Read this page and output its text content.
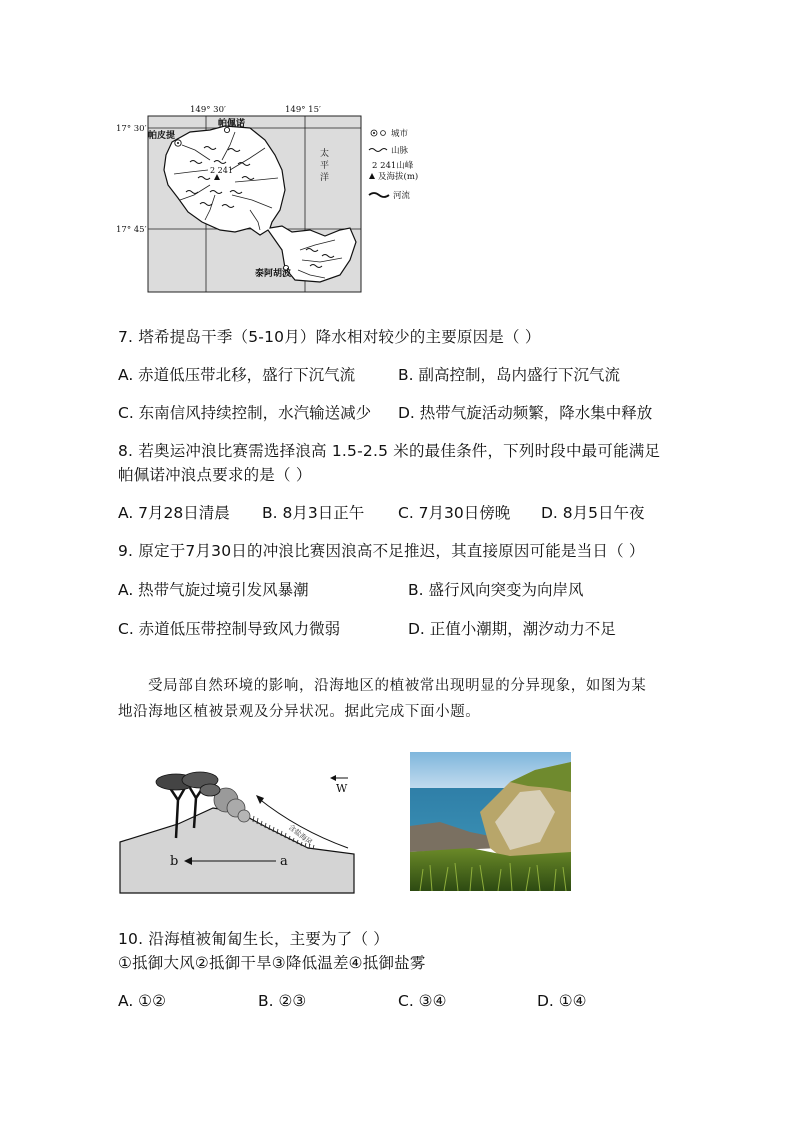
2 241
149° 30′	149° 15′
17° 30′
17° 45′
帕皮提
帕佩诺
泰阿胡波
太
平
洋
城市
山脉
2 241山峰
及海拔(m)
河流
7. 塔希提岛干季（5-10月）降水相对较少的主要原因是（ ）
A. 赤道低压带北移，盛行下沉气流	B. 副高控制，岛内盛行下沉气流
C. 东南信风持续控制，水汽输送减少 D. 热带气旋活动频繁，降水集中释放
8. 若奥运冲浪比赛需选择浪高 1.5-2.5 米的最佳条件，下列时段中最可能满足
帕佩诺冲浪点要求的是（ ）
A. 7月28日清晨 B. 8月3日正午 C. 7月30日傍晚 D. 8月5日午夜
9. 原定于7月30日的冲浪比赛因浪高不足推迟，其直接原因可能是当日（ ）
A. 热带气旋过境引发风暴潮	B. 盛行风向突变为向岸风
C. 赤道低压带控制导致风力微弱	D. 正值小潮期，潮汐动力不足
受局部自然环境的影响，沿海地区的植被常出现明显的分异现象，如图为某
地沿海地区植被景观及分异状况。据此完成下面小题。
含盐海风
W
b	a
10. 沿海植被匍匐生长，主要为了（ ）
①抵御大风②抵御干旱③降低温差④抵御盐雾
A. ①②	B. ②③	C. ③④	D. ①④
